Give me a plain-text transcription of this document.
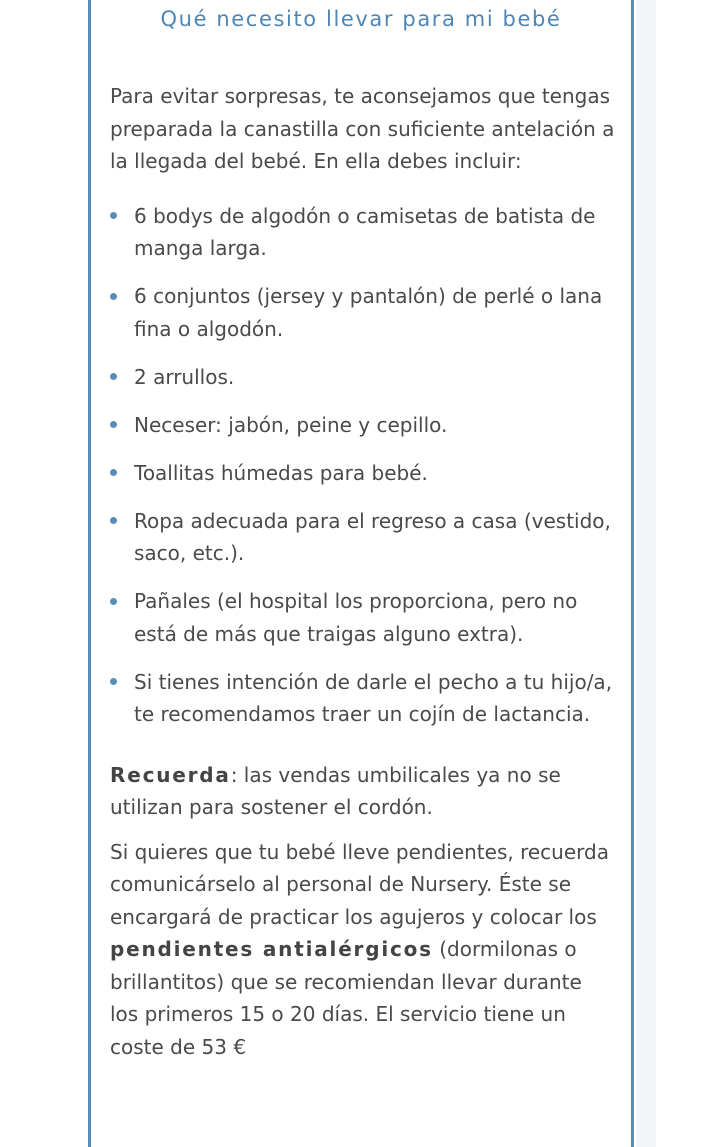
Qué necesito llevar para mi bebé

Para evitar sorpresas, te aconsejamos que tengas preparada la canastilla con suficiente antelación a la llegada del bebé. En ella debes incluir:

6 bodys de algodón o camisetas de batista de manga larga.
6 conjuntos (jersey y pantalón) de perlé o lana fina o algodón.
2 arrullos.
Neceser: jabón, peine y cepillo.
Toallitas húmedas para bebé.
Ropa adecuada para el regreso a casa (vestido, saco, etc.).
Pañales (el hospital los proporciona, pero no está de más que traigas alguno extra).
Si tienes intención de darle el pecho a tu hijo/a, te recomendamos traer un cojín de lactancia.

Recuerda: las vendas umbilicales ya no se utilizan para sostener el cordón.

Si quieres que tu bebé lleve pendientes, recuerda comunicárselo al personal de Nursery. Éste se encargará de practicar los agujeros y colocar los pendientes antialérgicos (dormilonas o brillantitos) que se recomiendan llevar durante los primeros 15 o 20 días. El servicio tiene un coste de 53 €
